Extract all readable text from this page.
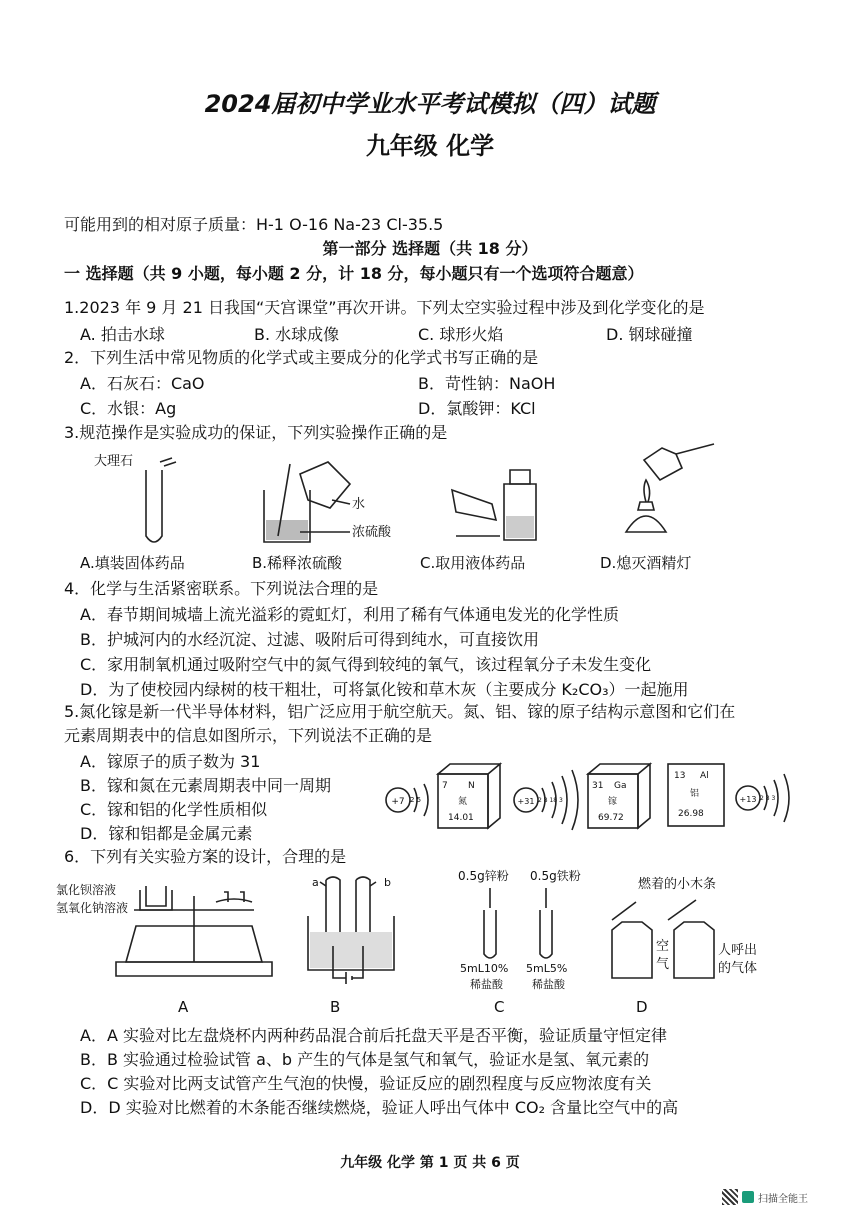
2024届初中学业水平考试模拟（四）试题
九年级 化学
可能用到的相对原子质量：H-1 O-16 Na-23 Cl-35.5
第一部分 选择题（共 18 分）
一 选择题（共 9 小题，每小题 2 分，计 18 分，每小题只有一个选项符合题意）
1.2023 年 9 月 21 日我国“天宫课堂”再次开讲。下列太空实验过程中涉及到化学变化的是
A. 拍击水球	B. 水球成像	C. 球形火焰	D. 钢球碰撞
2．下列生活中常见物质的化学式或主要成分的化学式书写正确的是
A．石灰石：CaO	B．苛性钠：NaOH
C．水银：Ag	D．氯酸钾：KCl
3.规范操作是实验成功的保证，下列实验操作正确的是
大理石
水
浓硫酸
A.填装固体药品	B.稀释浓硫酸	C.取用液体药品	D.熄灭酒精灯
4．化学与生活紧密联系。下列说法合理的是
A．春节期间城墙上流光溢彩的霓虹灯，利用了稀有气体通电发光的化学性质
B．护城河内的水经沉淀、过滤、吸附后可得到纯水，可直接饮用
C．家用制氧机通过吸附空气中的氮气得到较纯的氧气，该过程氧分子未发生变化
D．为了使校园内绿树的枝干粗壮，可将氯化铵和草木灰（主要成分 K₂CO₃）一起施用
5.氮化镓是新一代半导体材料，铝广泛应用于航空航天。氮、铝、镓的原子结构示意图和它们在
元素周期表中的信息如图所示，下列说法不正确的是
A．镓原子的质子数为 31
B．镓和氮在元素周期表中同一周期
C．镓和铝的化学性质相似
D．镓和铝都是金属元素
+7 2 5
7 N
氮
14.01
+31 2 8 18 3
31 Ga
镓
69.72
13 Al
铝
26.98
+13 2 8 3
6．下列有关实验方案的设计，合理的是
氯化钡溶液
氢氧化钠溶液
a	b	0.5g锌粉 0.5g铁粉
5mL10%
稀盐酸
5mL5%
稀盐酸
燃着的小木条
空
气
人呼出
的气体
A	B	C	D
A．A 实验对比左盘烧杯内两种药品混合前后托盘天平是否平衡，验证质量守恒定律
B．B 实验通过检验试管 a、b 产生的气体是氢气和氧气，验证水是氢、氧元素的
C．C 实验对比两支试管产生气泡的快慢，验证反应的剧烈程度与反应物浓度有关
D．D 实验对比燃着的木条能否继续燃烧，验证人呼出气体中 CO₂ 含量比空气中的高
九年级 化学 第 1 页 共 6 页
扫描全能王
